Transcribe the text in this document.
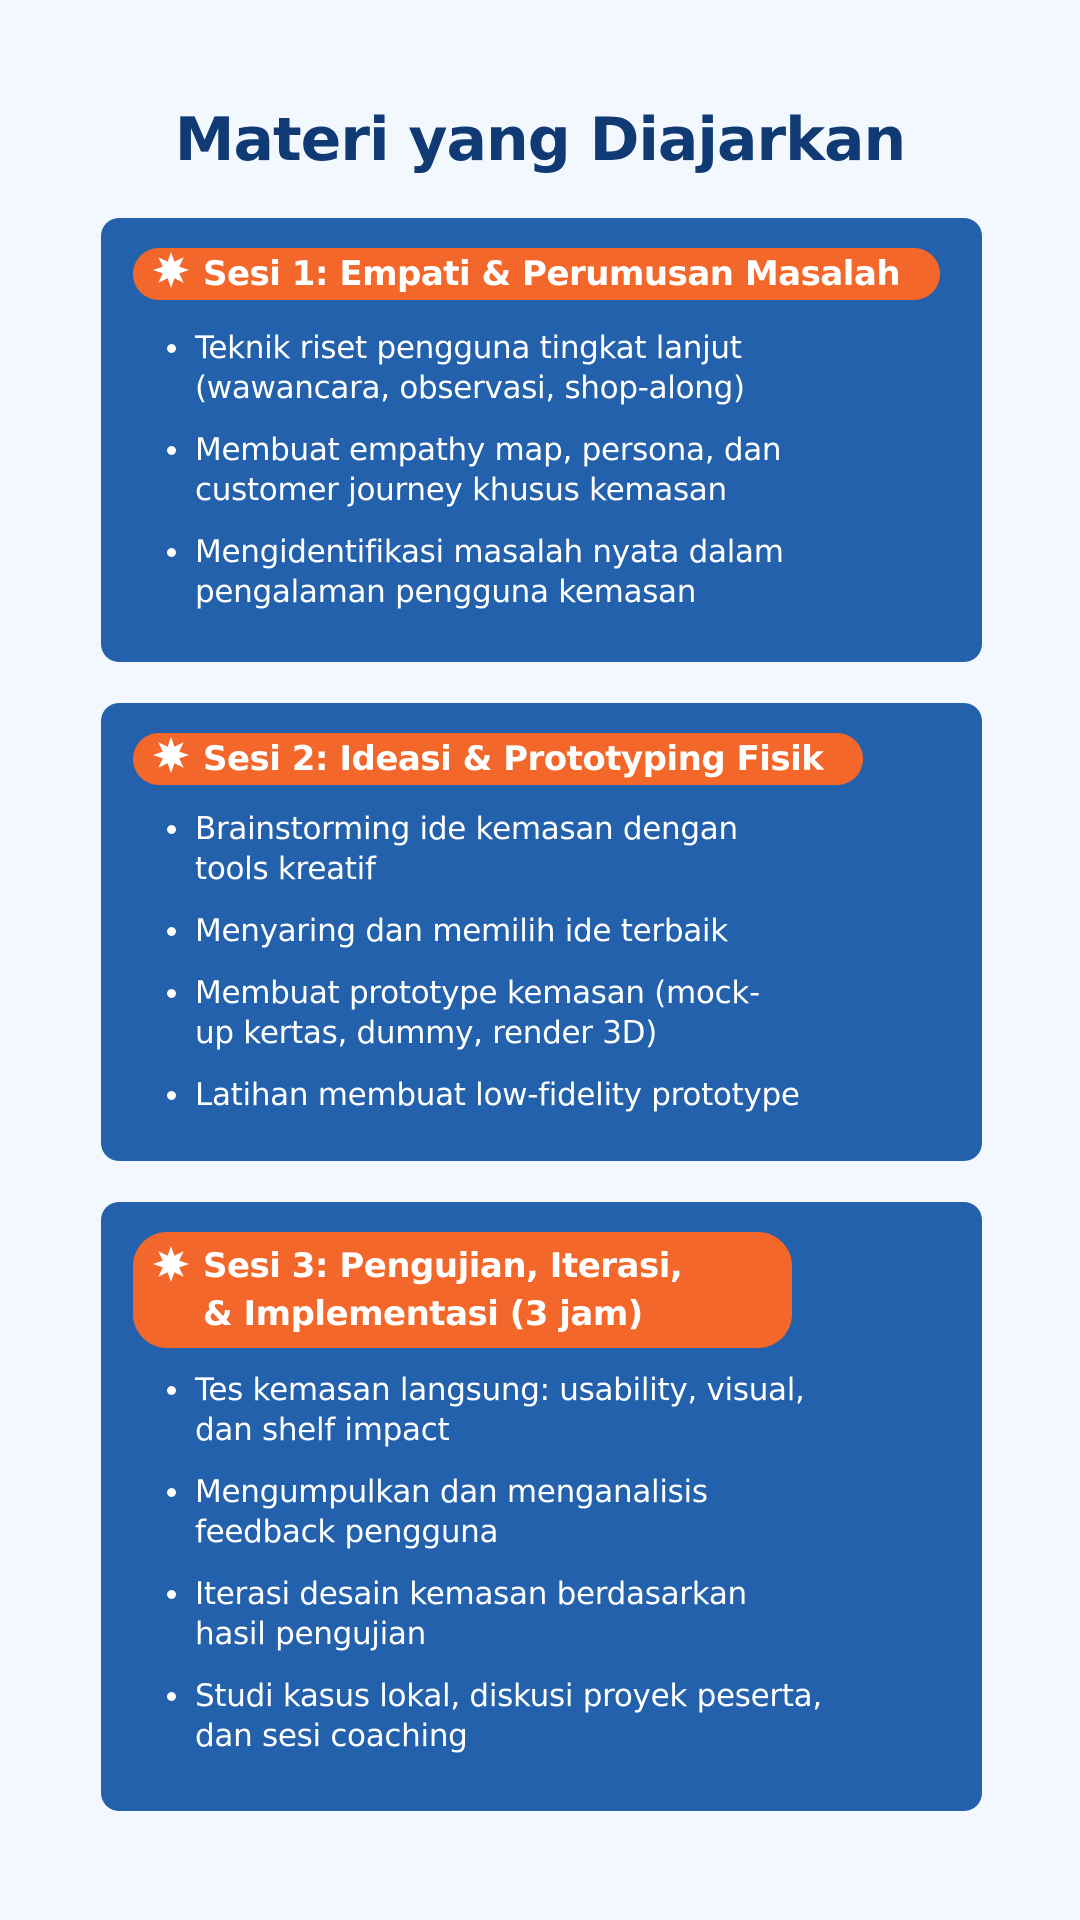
Materi yang Diajarkan
Sesi 1: Empati & Perumusan Masalah
Teknik riset pengguna tingkat lanjut
(wawancara, observasi, shop-along)
Membuat empathy map, persona, dan
customer journey khusus kemasan
Mengidentifikasi masalah nyata dalam
pengalaman pengguna kemasan
Sesi 2: Ideasi & Prototyping Fisik
Brainstorming ide kemasan dengan
tools kreatif
Menyaring dan memilih ide terbaik
Membuat prototype kemasan (mock-
up kertas, dummy, render 3D)
Latihan membuat low-fidelity prototype
Sesi 3: Pengujian, Iterasi,
& Implementasi (3 jam)
Tes kemasan langsung: usability, visual,
dan shelf impact
Mengumpulkan dan menganalisis
feedback pengguna
Iterasi desain kemasan berdasarkan
hasil pengujian
Studi kasus lokal, diskusi proyek peserta,
dan sesi coaching
